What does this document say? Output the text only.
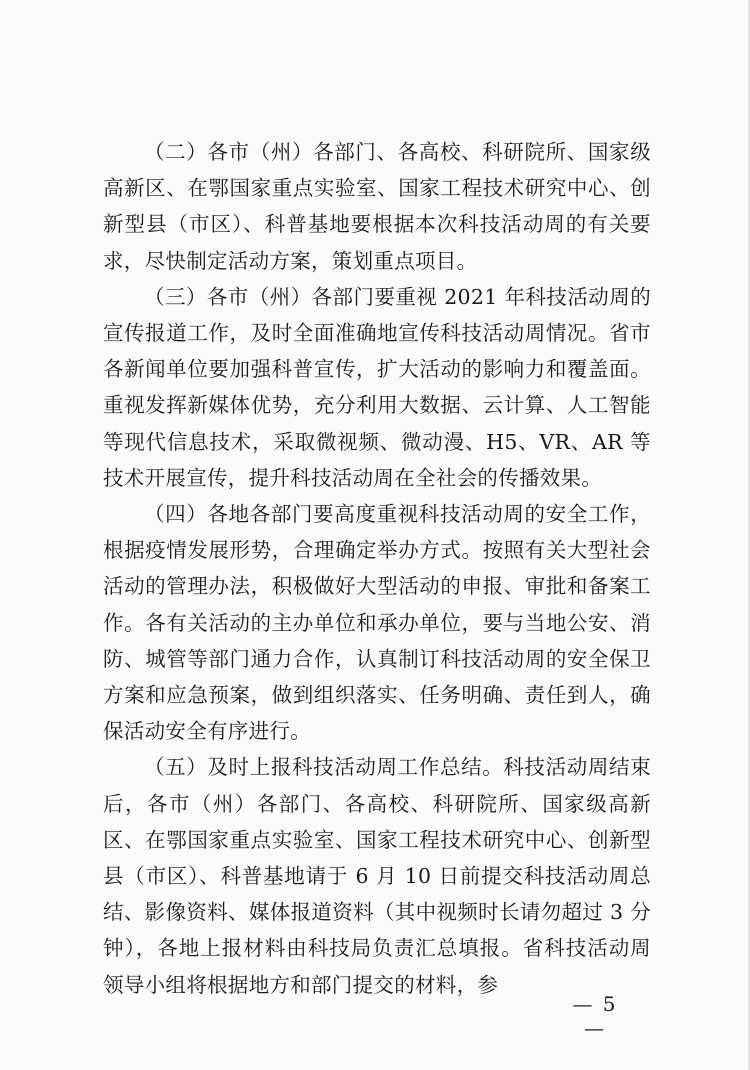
（二）各市（州）各部门、各高校、科研院所、国家级高新区、在鄂国家重点实验室、国家工程技术研究中心、创新型县（市区）、科普基地要根据本次科技活动周的有关要求，尽快制定活动方案，策划重点项目。

（三）各市（州）各部门要重视 2021 年科技活动周的宣传报道工作，及时全面准确地宣传科技活动周情况。省市各新闻单位要加强科普宣传，扩大活动的影响力和覆盖面。重视发挥新媒体优势，充分利用大数据、云计算、人工智能等现代信息技术，采取微视频、微动漫、H5、VR、AR 等技术开展宣传，提升科技活动周在全社会的传播效果。

（四）各地各部门要高度重视科技活动周的安全工作，根据疫情发展形势，合理确定举办方式。按照有关大型社会活动的管理办法，积极做好大型活动的申报、审批和备案工作。各有关活动的主办单位和承办单位，要与当地公安、消防、城管等部门通力合作，认真制订科技活动周的安全保卫方案和应急预案，做到组织落实、任务明确、责任到人，确保活动安全有序进行。

（五）及时上报科技活动周工作总结。科技活动周结束后，各市（州）各部门、各高校、科研院所、国家级高新区、在鄂国家重点实验室、国家工程技术研究中心、创新型县（市区）、科普基地请于 6 月 10 日前提交科技活动周总结、影像资料、媒体报道资料（其中视频时长请勿超过 3 分钟），各地上报材料由科技局负责汇总填报。省科技活动周领导小组将根据地方和部门提交的材料，参

— 5 —
